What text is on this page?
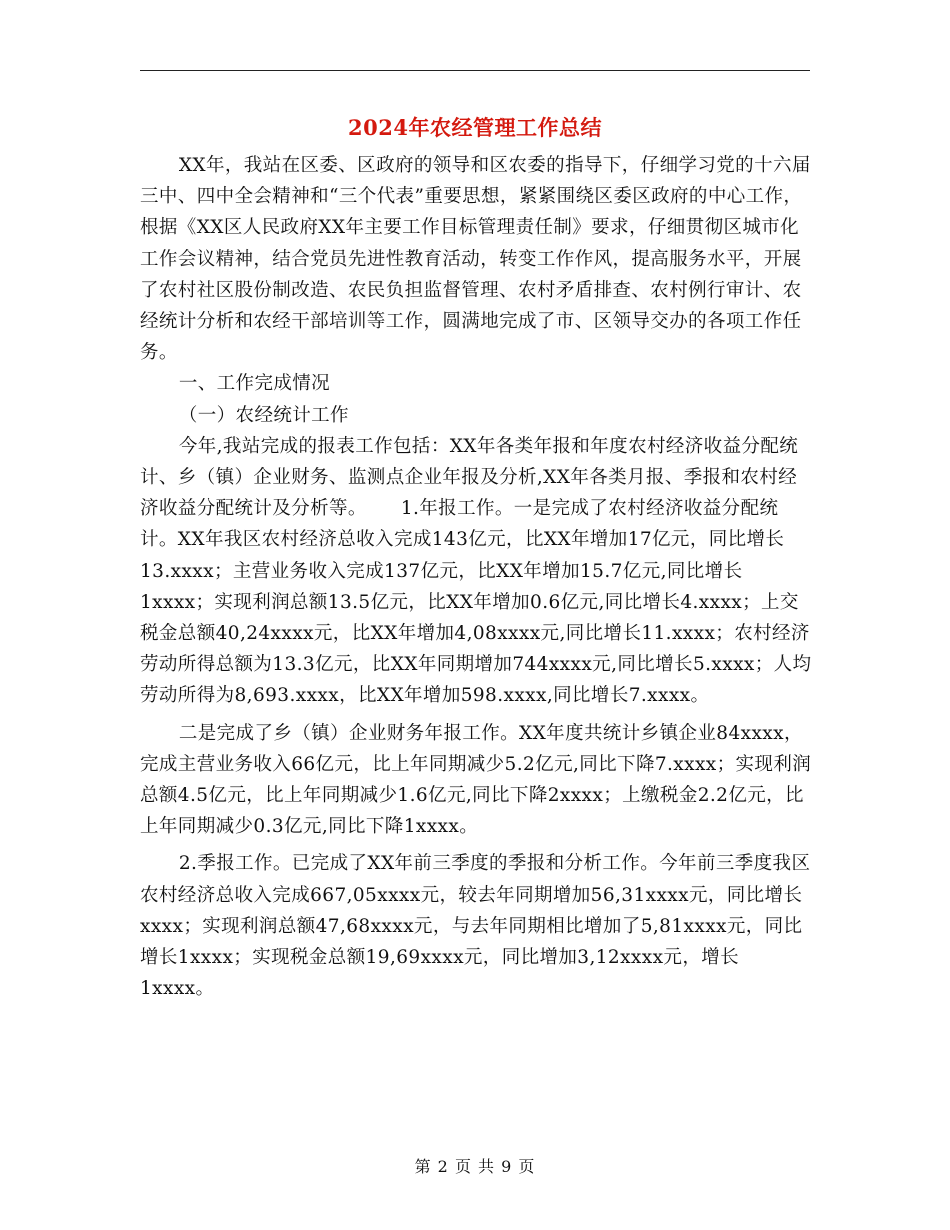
2024年农经管理工作总结

XX年，我站在区委、区政府的领导和区农委的指导下，仔细学习党的十六届三中、四中全会精神和“三个代表”重要思想，紧紧围绕区委区政府的中心工作，根据《XX区人民政府XX年主要工作目标管理责任制》要求，仔细贯彻区城市化工作会议精神，结合党员先进性教育活动，转变工作作风，提高服务水平，开展了农村社区股份制改造、农民负担监督管理、农村矛盾排查、农村例行审计、农经统计分析和农经干部培训等工作，圆满地完成了市、区领导交办的各项工作任务。

一、工作完成情况

（一）农经统计工作

今年,我站完成的报表工作包括：XX年各类年报和年度农村经济收益分配统计、乡（镇）企业财务、监测点企业年报及分析,XX年各类月报、季报和农村经济收益分配统计及分析等。 1.年报工作。一是完成了农村经济收益分配统计。XX年我区农村经济总收入完成143亿元，比XX年增加17亿元，同比增长13.xxxx；主营业务收入完成137亿元，比XX年增加15.7亿元,同比增长1xxxx；实现利润总额13.5亿元，比XX年增加0.6亿元,同比增长4.xxxx；上交税金总额40,24xxxx元，比XX年增加4,08xxxx元,同比增长11.xxxx；农村经济劳动所得总额为13.3亿元，比XX年同期增加744xxxx元,同比增长5.xxxx；人均劳动所得为8,693.xxxx，比XX年增加598.xxxx,同比增长7.xxxx。

二是完成了乡（镇）企业财务年报工作。XX年度共统计乡镇企业84xxxx，完成主营业务收入66亿元，比上年同期减少5.2亿元,同比下降7.xxxx；实现利润总额4.5亿元，比上年同期减少1.6亿元,同比下降2xxxx；上缴税金2.2亿元，比上年同期减少0.3亿元,同比下降1xxxx。

2.季报工作。已完成了XX年前三季度的季报和分析工作。今年前三季度我区农村经济总收入完成667,05xxxx元，较去年同期增加56,31xxxx元，同比增长xxxx；实现利润总额47,68xxxx元，与去年同期相比增加了5,81xxxx元，同比增长1xxxx；实现税金总额19,69xxxx元，同比增加3,12xxxx元，增长1xxxx。

第 2 页 共 9 页
